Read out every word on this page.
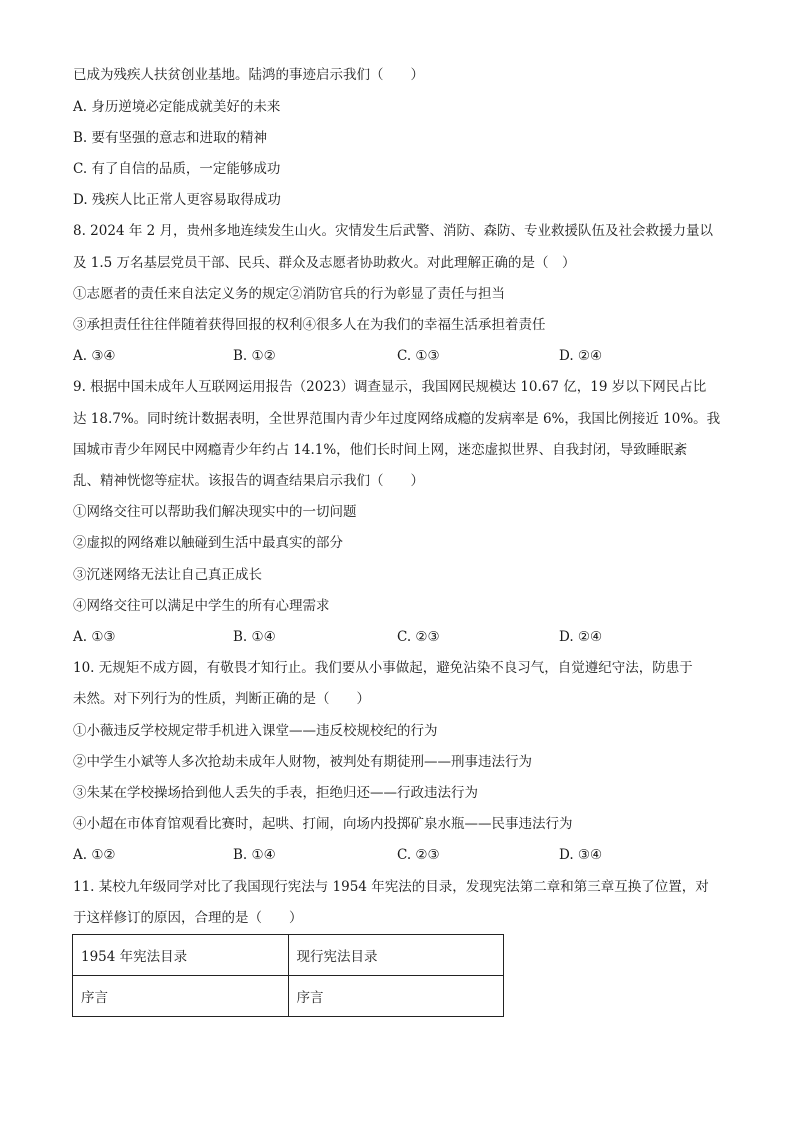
已成为残疾人扶贫创业基地。陆鸿的事迹启示我们（　　）
A. 身历逆境必定能成就美好的未来
B. 要有坚强的意志和进取的精神
C. 有了自信的品质，一定能够成功
D. 残疾人比正常人更容易取得成功
8. 2024 年 2 月，贵州多地连续发生山火。灾情发生后武警、消防、森防、专业救援队伍及社会救援力量以
及 1.5 万名基层党员干部、民兵、群众及志愿者协助救火。对此理解正确的是（　）
①志愿者的责任来自法定义务的规定②消防官兵的行为彰显了责任与担当
③承担责任往往伴随着获得回报的权利④很多人在为我们的幸福生活承担着责任
A. ③④	B. ①②	C. ①③	D. ②④
9. 根据中国未成年人互联网运用报告（2023）调查显示，我国网民规模达 10.67 亿，19 岁以下网民占比
达 18.7%。同时统计数据表明，全世界范围内青少年过度网络成瘾的发病率是 6%，我国比例接近 10%。我
国城市青少年网民中网瘾青少年约占 14.1%，他们长时间上网，迷恋虚拟世界、自我封闭，导致睡眠紊
乱、精神恍惚等症状。该报告的调查结果启示我们（　　）
①网络交往可以帮助我们解决现实中的一切问题
②虚拟的网络难以触碰到生活中最真实的部分
③沉迷网络无法让自己真正成长
④网络交往可以满足中学生的所有心理需求
A. ①③	B. ①④	C. ②③	D. ②④
10. 无规矩不成方圆，有敬畏才知行止。我们要从小事做起，避免沾染不良习气，自觉遵纪守法，防患于
未然。对下列行为的性质，判断正确的是（　　）
①小薇违反学校规定带手机进入课堂——违反校规校纪的行为
②中学生小斌等人多次抢劫未成年人财物，被判处有期徒刑——刑事违法行为
③朱某在学校操场拾到他人丢失的手表，拒绝归还——行政违法行为
④小超在市体育馆观看比赛时，起哄、打闹，向场内投掷矿泉水瓶——民事违法行为
A. ①②	B. ①④	C. ②③	D. ③④
11. 某校九年级同学对比了我国现行宪法与 1954 年宪法的目录，发现宪法第二章和第三章互换了位置，对
于这样修订的原因，合理的是（　　）
1954 年宪法目录	现行宪法目录
序言	序言
